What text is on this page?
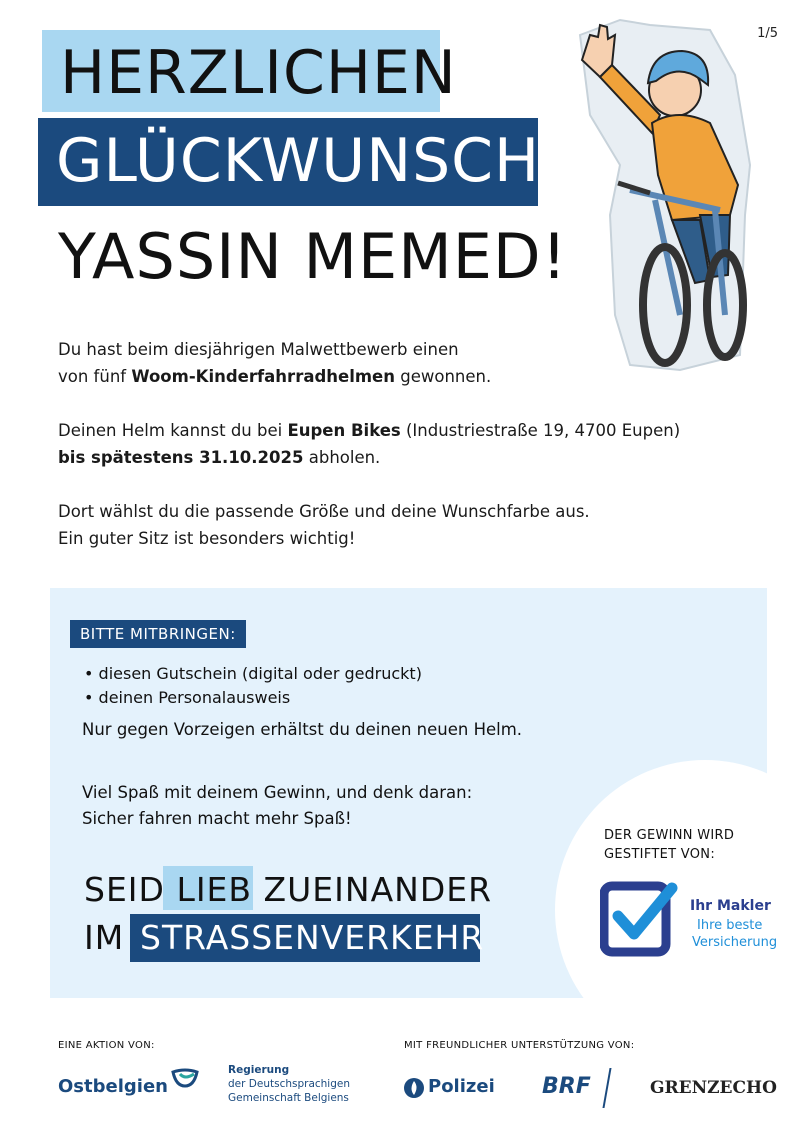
1/5
HERZLICHEN
GLÜCKWUNSCH,
YASSIN MEMED!
Du hast beim diesjährigen Malwettbewerb einen
von fünf Woom-Kinderfahrradhelmen gewonnen.
Deinen Helm kannst du bei Eupen Bikes (Industriestraße 19, 4700 Eupen)
bis spätestens 31.10.2025 abholen.
Dort wählst du die passende Größe und deine Wunschfarbe aus.
Ein guter Sitz ist besonders wichtig!
BITTE MITBRINGEN:
• diesen Gutschein (digital oder gedruckt)
• deinen Personalausweis
Nur gegen Vorzeigen erhältst du deinen neuen Helm.
Viel Spaß mit deinem Gewinn, und denk daran:
Sicher fahren macht mehr Spaß!
SEID LIEB ZUEINANDER
IM STRASSENVERKEHR
DER GEWINN WIRD
GESTIFTET VON:
Ihr Makler
Ihre beste
Versicherung
EINE AKTION VON:	MIT FREUNDLICHER UNTERSTÜTZUNG VON:
Ostbelgien
Regierung
der Deutschsprachigen
Gemeinschaft Belgiens
Polizei BRF	GRENZECHO
